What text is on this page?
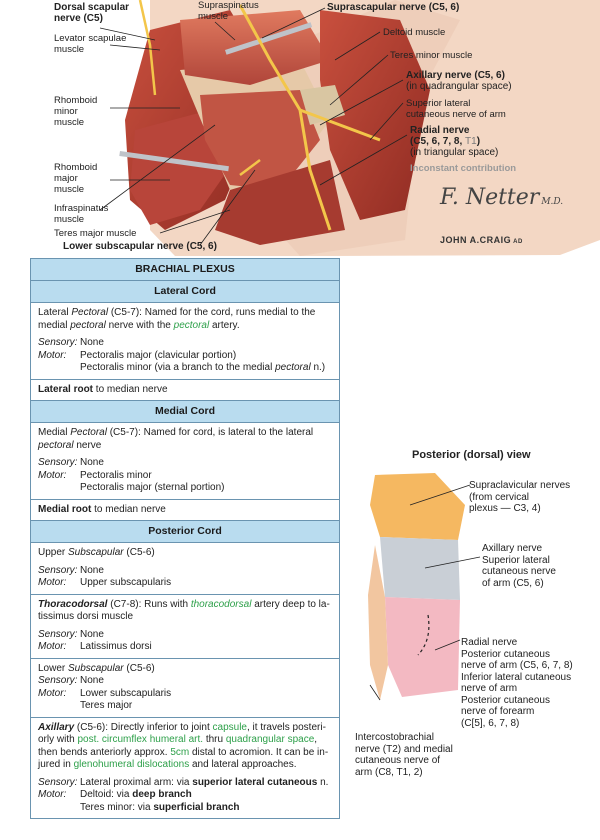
Dorsal scapular
nerve (C5)
Levator scapulae
muscle
Supraspinatus
muscle
Suprascapular nerve (C5, 6)
Deltoid muscle
Teres minor muscle
Axillary nerve (C5, 6)
(in quadrangular space)
Superior lateral
cutaneous nerve of arm
Radial nerve
(C5, 6, 7, 8, T1)
(in triangular space)
Inconstant contribution
Rhomboid
minor
muscle
Rhomboid
major
muscle
Infraspinatus
muscle
Teres major muscle
Lower subscapular nerve (C5, 6)
F. Netter M.D.
JOHN A.CRAIG AD
BRACHIAL PLEXUS
Lateral Cord

Lateral Pectoral (C5-7): Named for the cord, runs medial to the

medial pectoral nerve with the pectoral artery.

Sensory: None
Motor:	Pectoralis major (clavicular portion)
Pectoralis minor (via a branch to the medial pectoral n.)
Lateral root to median nerve
Medial Cord

Medial Pectoral (C5-7): Named for cord, is lateral to the lateral

pectoral nerve

Sensory: None
Motor:	Pectoralis minor
Pectoralis major (sternal portion)
Medial root to median nerve
Posterior Cord

Upper Subscapular (C5-6)

Sensory: None
Motor:	Upper subscapularis

Thoracodorsal (C7-8): Runs with thoracodorsal artery deep to la-

tissimus dorsi muscle

Sensory: None
Motor:	Latissimus dorsi

Lower Subscapular (C5-6)

Sensory: None
Motor:	Lower subscapularis
Teres major

Axillary (C5-6): Directly inferior to joint capsule, it travels posteri-

orly with post. circumflex humeral art. thru quadrangular space,

then bends anteriorly approx. 5cm distal to acromion. It can be in-

jured in glenohumeral dislocations and lateral approaches.

Sensory: Lateral proximal arm: via superior lateral cutaneous n.
Motor:	Deltoid: via deep branch
Teres minor: via superficial branch
Posterior (dorsal) view
Supraclavicular nerves
(from cervical
plexus — C3, 4)
Axillary nerve
Superior lateral
cutaneous nerve
of arm (C5, 6)
Radial nerve
Posterior cutaneous
nerve of arm (C5, 6, 7, 8)
Inferior lateral cutaneous
nerve of arm
Posterior cutaneous
nerve of forearm
(C[5], 6, 7, 8)
Intercostobrachial
nerve (T2) and medial
cutaneous nerve of
arm (C8, T1, 2)
